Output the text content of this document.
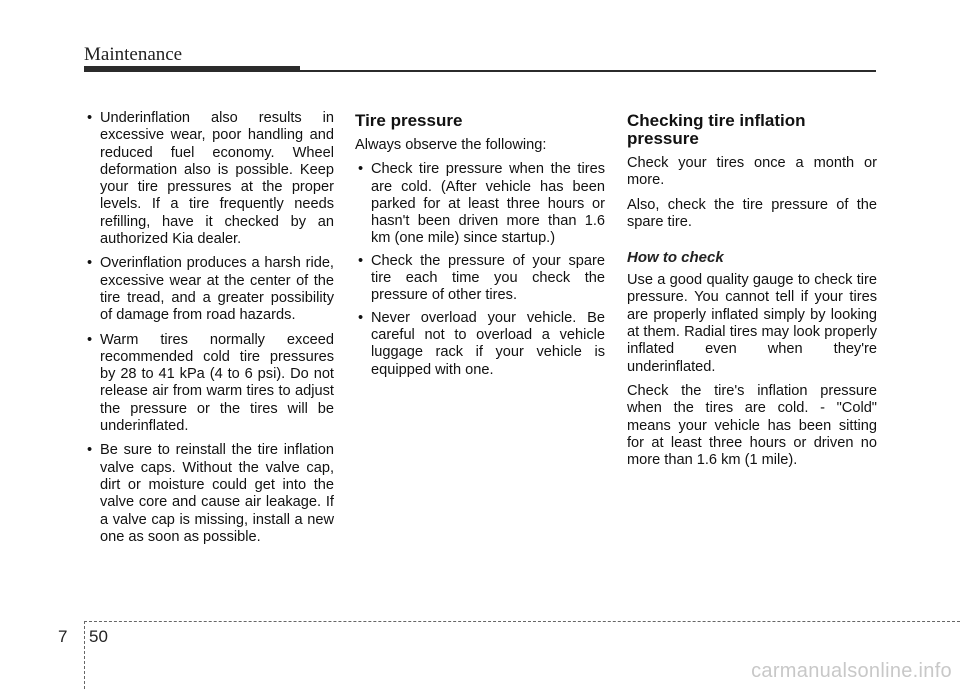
Maintenance
• Underinflation also results in excessive wear, poor handling and reduced fuel economy. Wheel deformation also is possible. Keep your tire pressures at the proper levels. If a tire frequently needs refilling, have it checked by an authorized Kia dealer.
• Overinflation produces a harsh ride, excessive wear at the center of the tire tread, and a greater possibility of damage from road hazards.
• Warm tires normally exceed recommended cold tire pressures by 28 to 41 kPa (4 to 6 psi). Do not release air from warm tires to adjust the pressure or the tires will be underinflated.
• Be sure to reinstall the tire inflation valve caps. Without the valve cap, dirt or moisture could get into the valve core and cause air leakage. If a valve cap is missing, install a new one as soon as possible.
Tire pressure

Always observe the following:

• Check tire pressure when the tires are cold. (After vehicle has been parked for at least three hours or hasn't been driven more than 1.6 km (one mile) since startup.)
• Check the pressure of your spare tire each time you check the pressure of other tires.
• Never overload your vehicle. Be careful not to overload a vehicle luggage rack if your vehicle is equipped with one.
Checking tire inflation pressure

Check your tires once a month or more.

Also, check the tire pressure of the spare tire.

How to check

Use a good quality gauge to check tire pressure. You cannot tell if your tires are properly inflated simply by looking at them. Radial tires may look properly inflated even when they're underinflated.

Check the tire's inflation pressure when the tires are cold. - "Cold" means your vehicle has been sitting for at least three hours or driven no more than 1.6 km (1 mile).

7 50
carmanualsonline.info
